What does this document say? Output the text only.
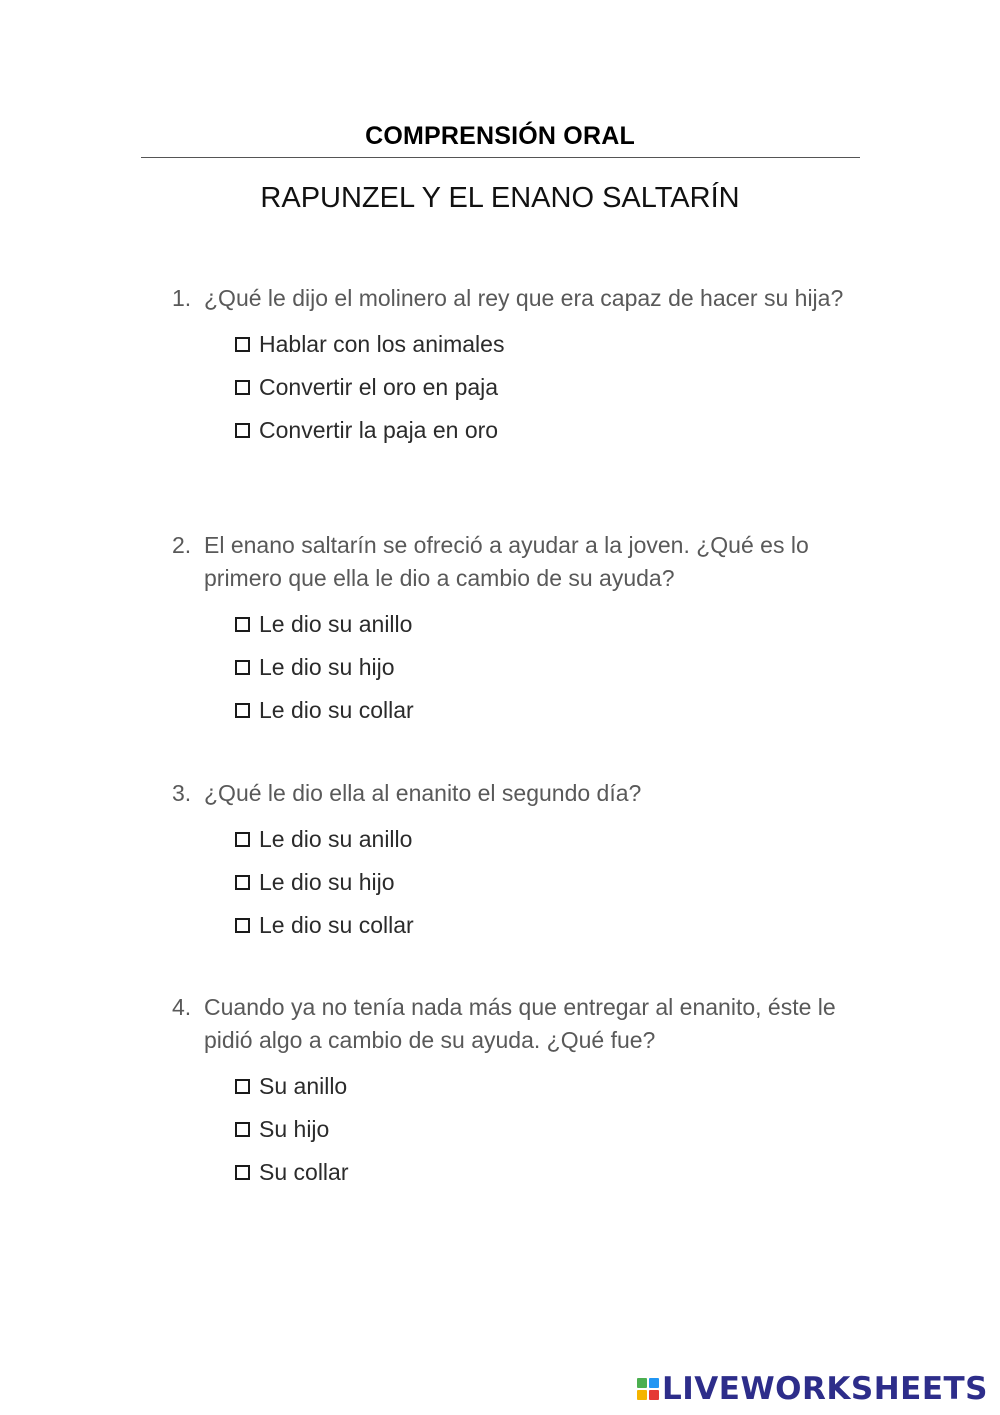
COMPRENSIÓN ORAL
RAPUNZEL Y EL ENANO SALTARÍN
1. ¿Qué le dijo el molinero al rey que era capaz de hacer su hija?
Hablar con los animales
Convertir el oro en paja
Convertir la paja en oro
2. El enano saltarín se ofreció a ayudar a la joven. ¿Qué es lo primero que ella le dio a cambio de su ayuda?
Le dio su anillo
Le dio su hijo
Le dio su collar
3. ¿Qué le dio ella al enanito el segundo día?
Le dio su anillo
Le dio su hijo
Le dio su collar
4. Cuando ya no tenía nada más que entregar al enanito, éste le pidió algo a cambio de su ayuda. ¿Qué fue?
Su anillo
Su hijo
Su collar
LIVEWORKSHEETS
